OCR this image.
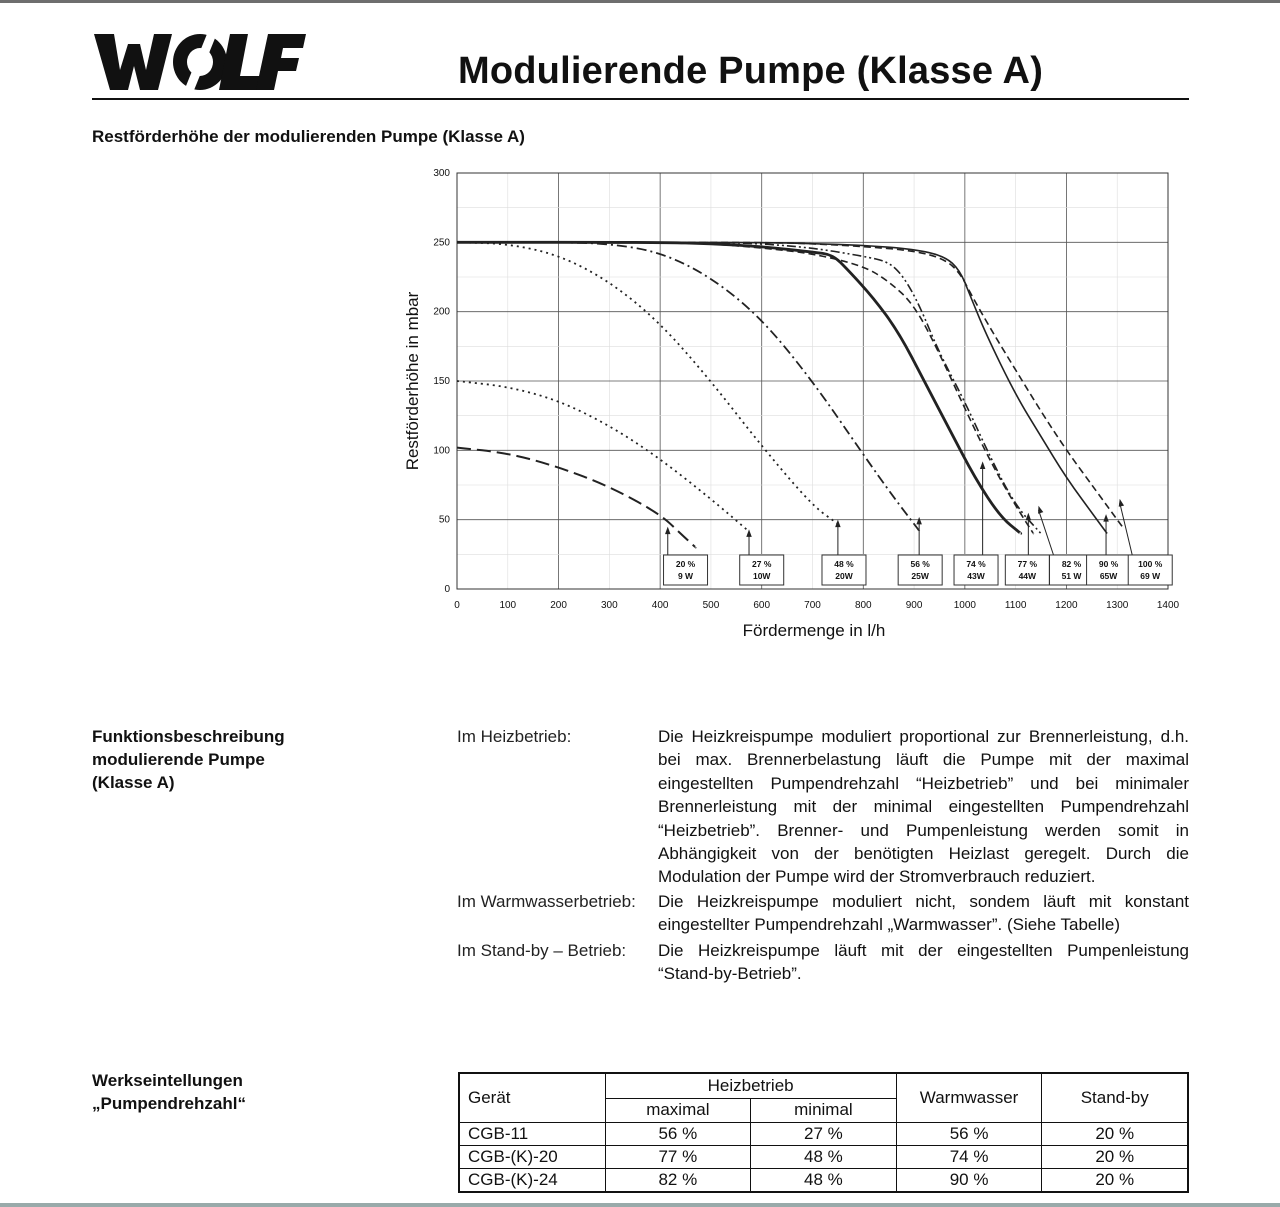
Modulierende Pumpe (Klasse A)
Restförderhöhe der modulierenden Pumpe (Klasse A)
20 %
9 W
27 %
10W
48 %
20W
56 %
25W
74 %
43W
77 %
44W
82 %
51 W
90 %
65W
100 %
69 W
0	100	200	300	400	500	600	700	800	900	1000	1100	1200	1300	1400
0
50
100
150
200
250
300
Fördermenge in l/h
Restförderhöhe in mbar
Funktionsbeschreibung
modulierende Pumpe
(Klasse A)
Im Heizbetrieb:	Die Heizkreispumpe moduliert proportional zur Brennerleistung, d.h. bei max. Brennerbelastung läuft die Pumpe mit der maximal eingestellten Pumpendrehzahl “Heizbetrieb” und bei minimaler Brennerleistung mit der minimal eingestellten Pumpendrehzahl “Heizbetrieb”. Brenner- und Pumpenleistung werden somit in Abhängigkeit von der benötigten Heizlast geregelt. Durch die Modulation der Pumpe wird der Stromverbrauch reduziert.
Im Warmwasserbetrieb:	Die Heizkreispumpe moduliert nicht, sondem läuft mit konstant eingestellter Pumpendrehzahl „Warmwasser”. (Siehe Tabelle)
Im Stand-by – Betrieb:	Die Heizkreispumpe läuft mit der eingestellten Pumpenleistung “Stand-by-Betrieb”.
Werkseintellungen
„Pumpendrehzahl“	Gerät	Heizbetrieb		Warmwasser	Stand-by
	maximal	minimal		
CGB-11	56 %	27 %	56 %	20 %
CGB-(K)-20	77 %	48 %	74 %	20 %
CGB-(K)-24	82 %	48 %	90 %	20 %
